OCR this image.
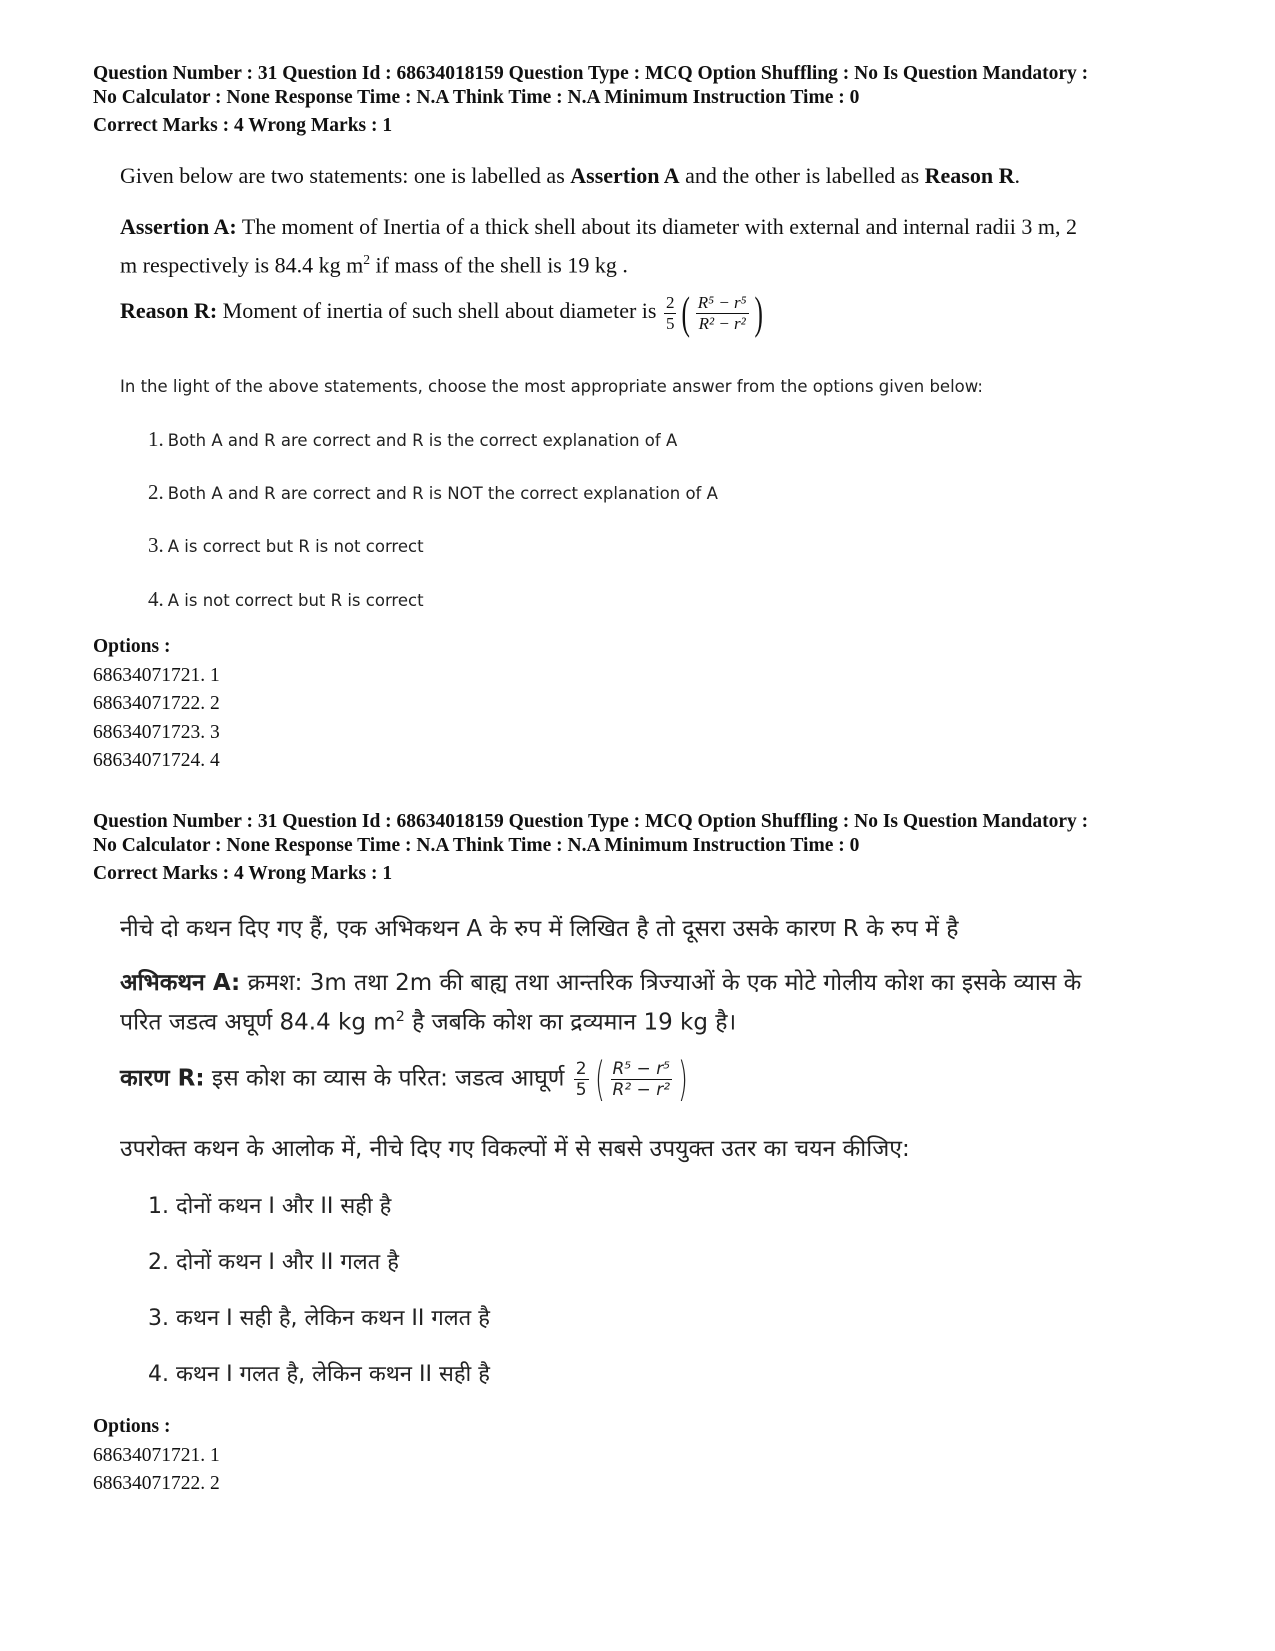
Question Number : 31 Question Id : 68634018159 Question Type : MCQ Option Shuffling : No Is Question Mandatory :
No Calculator : None Response Time : N.A Think Time : N.A Minimum Instruction Time : 0
Correct Marks : 4 Wrong Marks : 1
Given below are two statements: one is labelled as Assertion A and the other is labelled as Reason R.
Assertion A: The moment of Inertia of a thick shell about its diameter with external and internal radii 3 m, 2
m respectively is 84.4 kg $m^2$ if mass of the shell is 19 kg .
Reason R: Moment of inertia of such shell about diameter is $\frac{2}{5}$ ( $\frac{\text{R⁵ − r⁵}}{\text{R² − r²}}$ )
In the light of the above statements, choose the most appropriate answer from the options given below:
1. Both A and R are correct and R is the correct explanation of A
2. Both A and R are correct and R is NOT the correct explanation of A
3. A is correct but R is not correct
4. A is not correct but R is correct
Options :
68634071721. 1
68634071722. 2
68634071723. 3
68634071724. 4
Question Number : 31 Question Id : 68634018159 Question Type : MCQ Option Shuffling : No Is Question Mandatory :
No Calculator : None Response Time : N.A Think Time : N.A Minimum Instruction Time : 0
Correct Marks : 4 Wrong Marks : 1
नीचे दो कथन दिए गए हैं, एक अभिकथन A के रुप में लिखित है तो दूसरा उसके कारण R के रुप में है
अभिकथन A: क्रमश: 3m तथा 2m की बाह्य तथा आन्तरिक त्रिज्याओं के एक मोटे गोलीय कोश का इसके व्यास के
परित जडत्व अघूर्ण 84.4 kg $m^2$ है जबकि कोश का द्रव्यमान 19 kg है।
कारण R: इस कोश का व्यास के परित: जडत्व आघूर्ण $\frac{2}{5}$ ( $\frac{\text{R⁵ − r⁵}}{\text{R² − r²}}$ )
उपरोक्त कथन के आलोक में, नीचे दिए गए विकल्पों में से सबसे उपयुक्त उतर का चयन कीजिए:
1. दोनों कथन I और II सही है
2. दोनों कथन I और II गलत है
3. कथन I सही है, लेकिन कथन II गलत है
4. कथन I गलत है, लेकिन कथन II सही है
Options :
68634071721. 1
68634071722. 2
